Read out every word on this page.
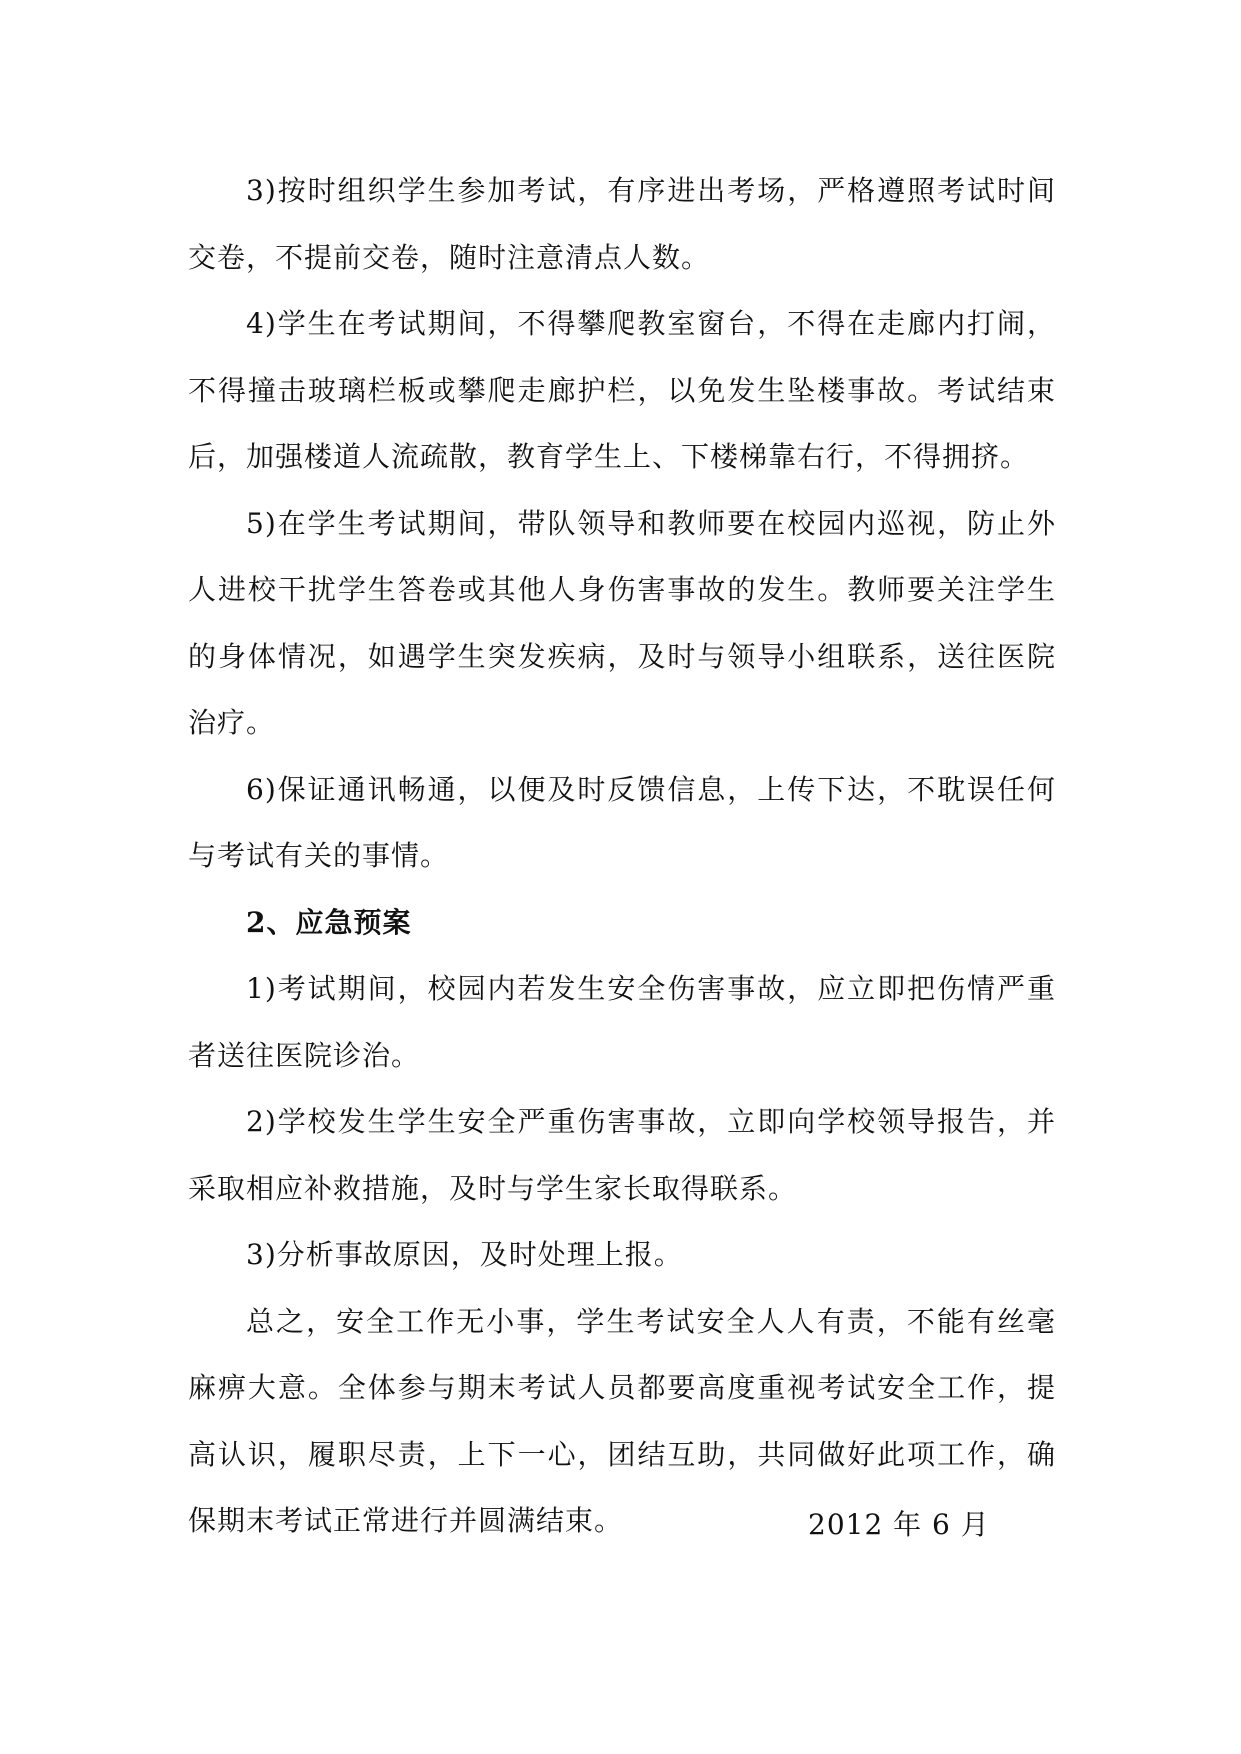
3)按时组织学生参加考试，有序进出考场，严格遵照考试时间交卷，不提前交卷，随时注意清点人数。

4)学生在考试期间，不得攀爬教室窗台，不得在走廊内打闹，不得撞击玻璃栏板或攀爬走廊护栏，以免发生坠楼事故。考试结束后，加强楼道人流疏散，教育学生上、下楼梯靠右行，不得拥挤。

5)在学生考试期间，带队领导和教师要在校园内巡视，防止外人进校干扰学生答卷或其他人身伤害事故的发生。教师要关注学生的身体情况，如遇学生突发疾病，及时与领导小组联系，送往医院治疗。

6)保证通讯畅通，以便及时反馈信息，上传下达，不耽误任何与考试有关的事情。

2、应急预案

1)考试期间，校园内若发生安全伤害事故，应立即把伤情严重者送往医院诊治。

2)学校发生学生安全严重伤害事故，立即向学校领导报告，并采取相应补救措施，及时与学生家长取得联系。

3)分析事故原因，及时处理上报。

总之，安全工作无小事，学生考试安全人人有责，不能有丝毫麻痹大意。全体参与期末考试人员都要高度重视考试安全工作，提高认识，履职尽责，上下一心，团结互助，共同做好此项工作，确保期末考试正常进行并圆满结束。	2012 年 6 月
